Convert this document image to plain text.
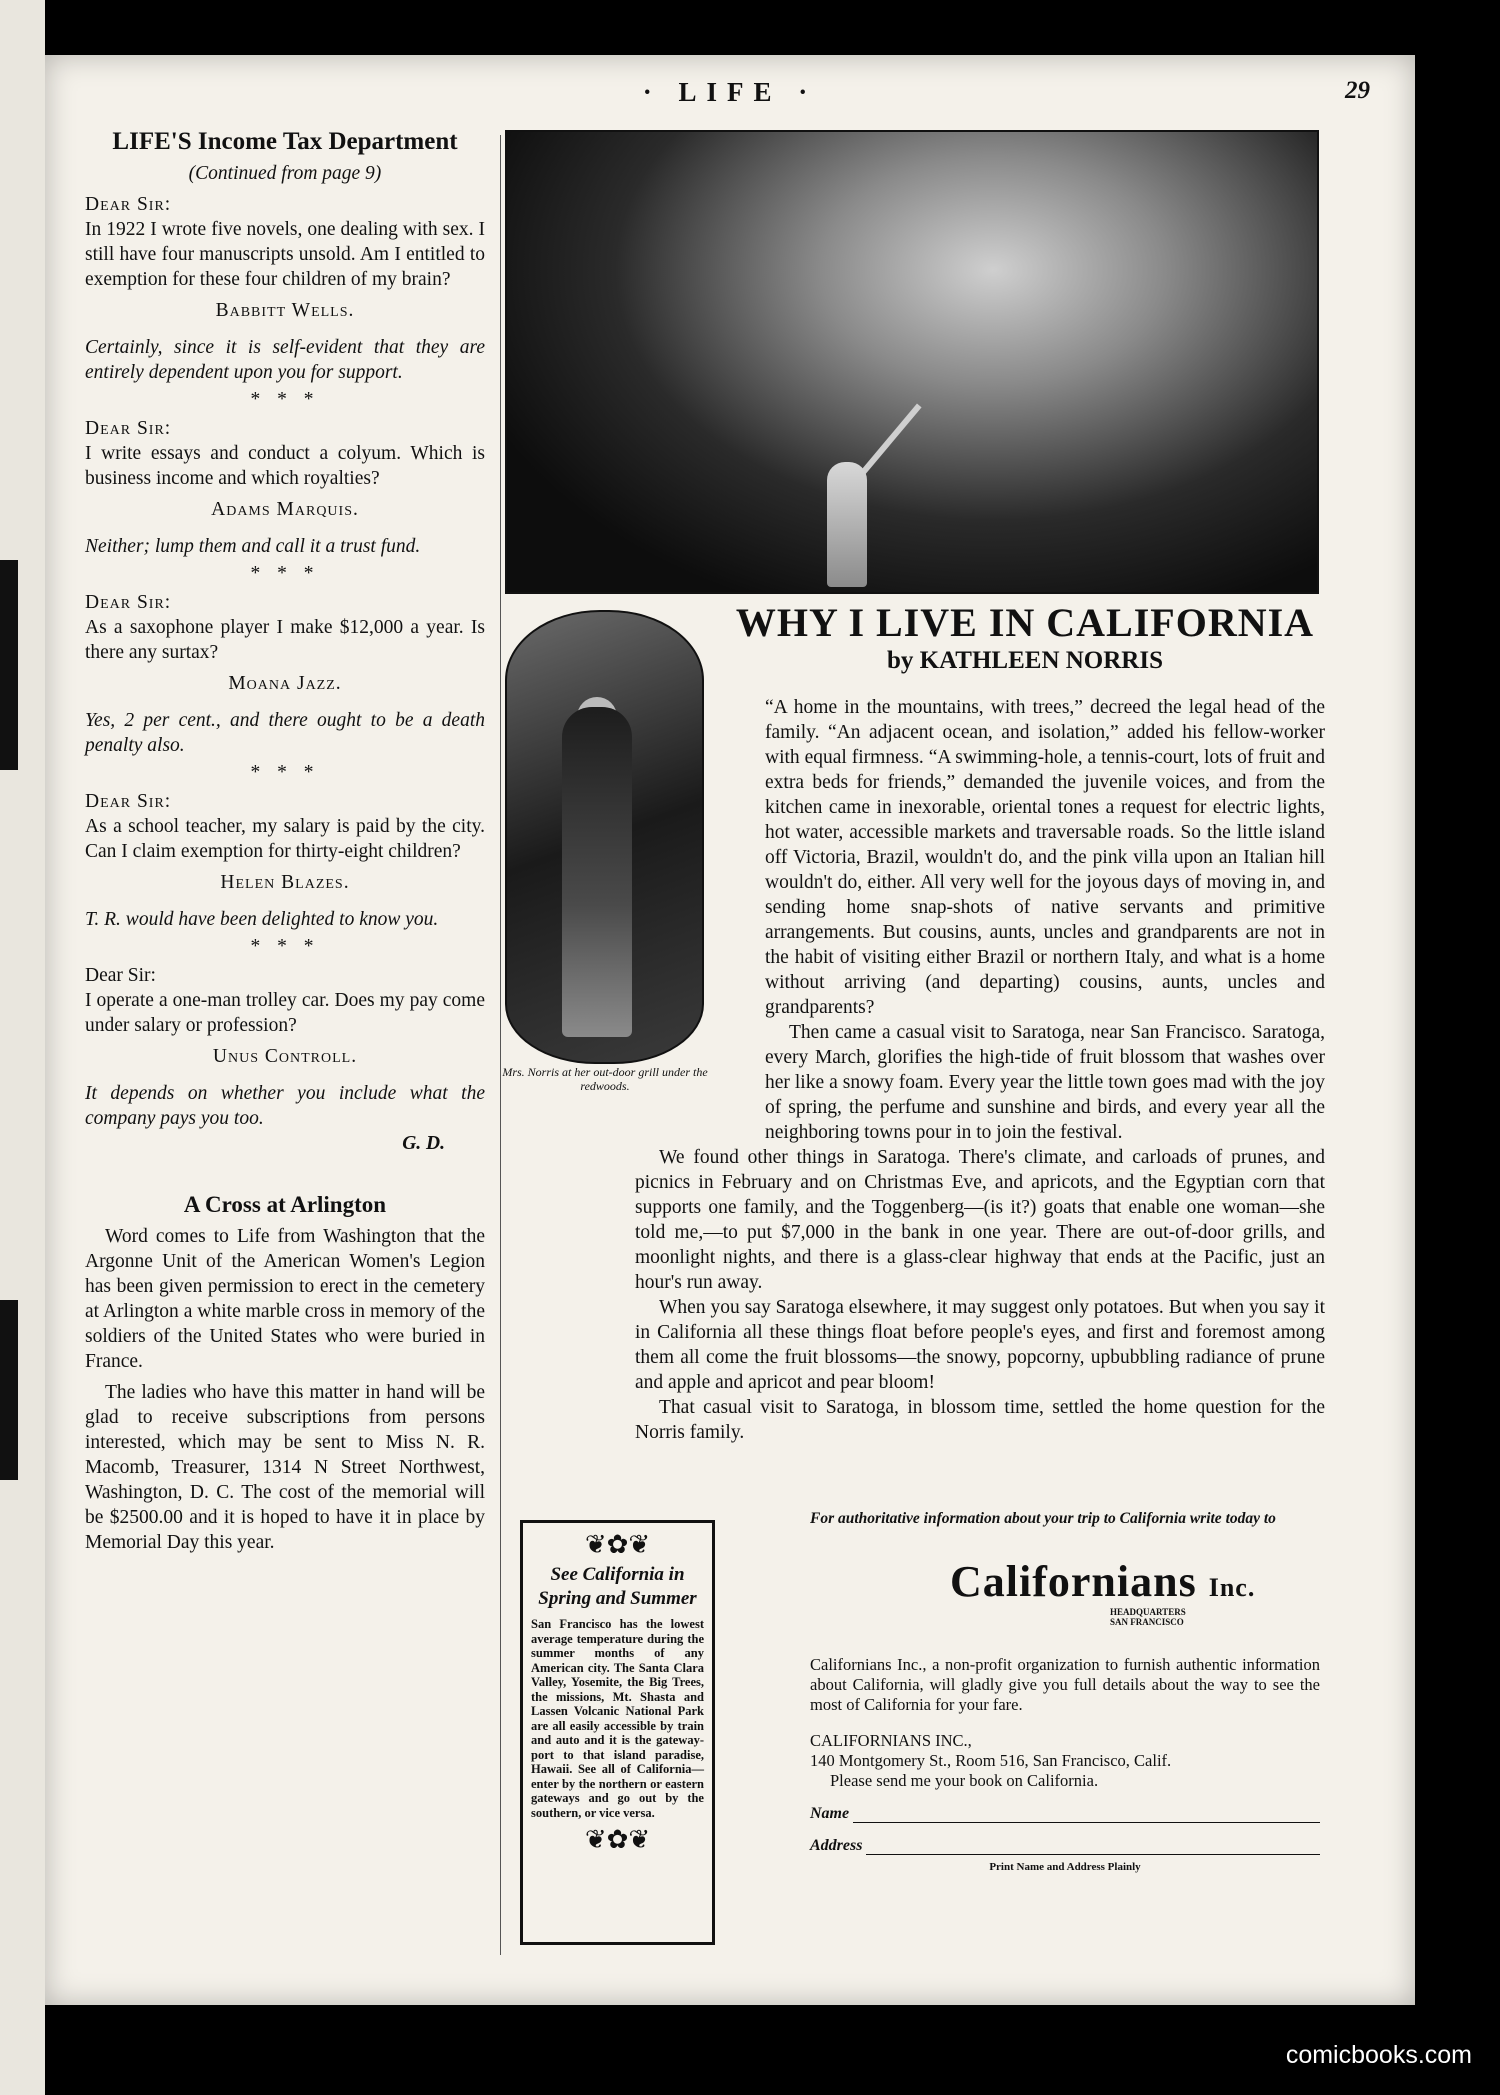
· LIFE ·	29
LIFE'S Income Tax Department
(Continued from page 9)
Dear Sir:
In 1922 I wrote five novels, one dealing with sex. I still have four manuscripts unsold. Am I entitled to exemption for these four children of my brain?
Babbitt Wells.
Certainly, since it is self-evident that they are entirely dependent upon you for support.
* * *
Dear Sir:
I write essays and conduct a colyum. Which is business income and which royalties?
Adams Marquis.
Neither; lump them and call it a trust fund.
* * *
Dear Sir:
As a saxophone player I make $12,000 a year. Is there any surtax?
Moana Jazz.
Yes, 2 per cent., and there ought to be a death penalty also.
* * *
Dear Sir:
As a school teacher, my salary is paid by the city. Can I claim exemption for thirty-eight children?
Helen Blazes.
T. R. would have been delighted to know you.
* * *
Dear Sir:
I operate a one-man trolley car. Does my pay come under salary or profession?
Unus Controll.
It depends on whether you include what the company pays you too.
G. D.
A Cross at Arlington
Word comes to Life from Washington that the Argonne Unit of the American Women's Legion has been given permission to erect in the cemetery at Arlington a white marble cross in memory of the soldiers of the United States who were buried in France.
The ladies who have this matter in hand will be glad to receive subscriptions from persons interested, which may be sent to Miss N. R. Macomb, Treasurer, 1314 N Street Northwest, Washington, D. C. The cost of the memorial will be $2500.00 and it is hoped to have it in place by Memorial Day this year.
WHY I LIVE IN CALIFORNIA
by KATHLEEN NORRIS
Mrs. Norris at her out-door grill under the redwoods.

“A home in the mountains, with trees,” decreed the legal head of the family. “An adjacent ocean, and isolation,” added his fellow-worker with equal firmness. “A swimming-hole, a tennis-court, lots of fruit and extra beds for friends,” demanded the juvenile voices, and from the kitchen came in inexorable, oriental tones a request for electric lights, hot water, accessible markets and traversable roads. So the little island off Victoria, Brazil, wouldn't do, and the pink villa upon an Italian hill wouldn't do, either. All very well for the joyous days of moving in, and sending home snap-shots of native servants and primitive arrangements. But cousins, aunts, uncles and grandparents are not in the habit of visiting either Brazil or northern Italy, and what is a home without arriving (and departing) cousins, aunts, uncles and grandparents?

Then came a casual visit to Saratoga, near San Francisco. Saratoga, every March, glorifies the high-tide of fruit blossom that washes over her like a snowy foam. Every year the little town goes mad with the joy of spring, the perfume and sunshine and birds, and every year all the neighboring towns pour in to join the festival.

We found other things in Saratoga. There's climate, and carloads of prunes, and picnics in February and on Christmas Eve, and apricots, and the Egyptian corn that supports one family, and the Toggenberg—(is it?) goats that enable one woman—she told me,—to put $7,000 in the bank in one year. There are out-of-door grills, and moonlight nights, and there is a glass-clear highway that ends at the Pacific, just an hour's run away.

When you say Saratoga elsewhere, it may suggest only potatoes. But when you say it in California all these things float before people's eyes, and first and foremost among them all come the fruit blossoms—the snowy, popcorny, upbubbling radiance of prune and apple and apricot and pear bloom!

That casual visit to Saratoga, in blossom time, settled the home question for the Norris family.

❦✿❦
See California in Spring and Summer
San Francisco has the lowest average temperature during the summer months of any American city. The Santa Clara Valley, Yosemite, the Big Trees, the missions, Mt. Shasta and Lassen Volcanic National Park are all easily accessible by train and auto and it is the gateway-port to that island paradise, Hawaii. See all of California—enter by the northern or eastern gateways and go out by the southern, or vice versa.
❦✿❦
For authoritative information about your trip to California write today to
Californians Inc.
HEADQUARTERS
SAN FRANCISCO
Californians Inc., a non-profit organization to furnish authentic information about California, will gladly give you full details about the way to see the most of California for your fare.
CALIFORNIANS INC.,
140 Montgomery St., Room 516, San Francisco, Calif.
Please send me your book on California.
Name
Address
Print Name and Address Plainly
comicbooks.com
